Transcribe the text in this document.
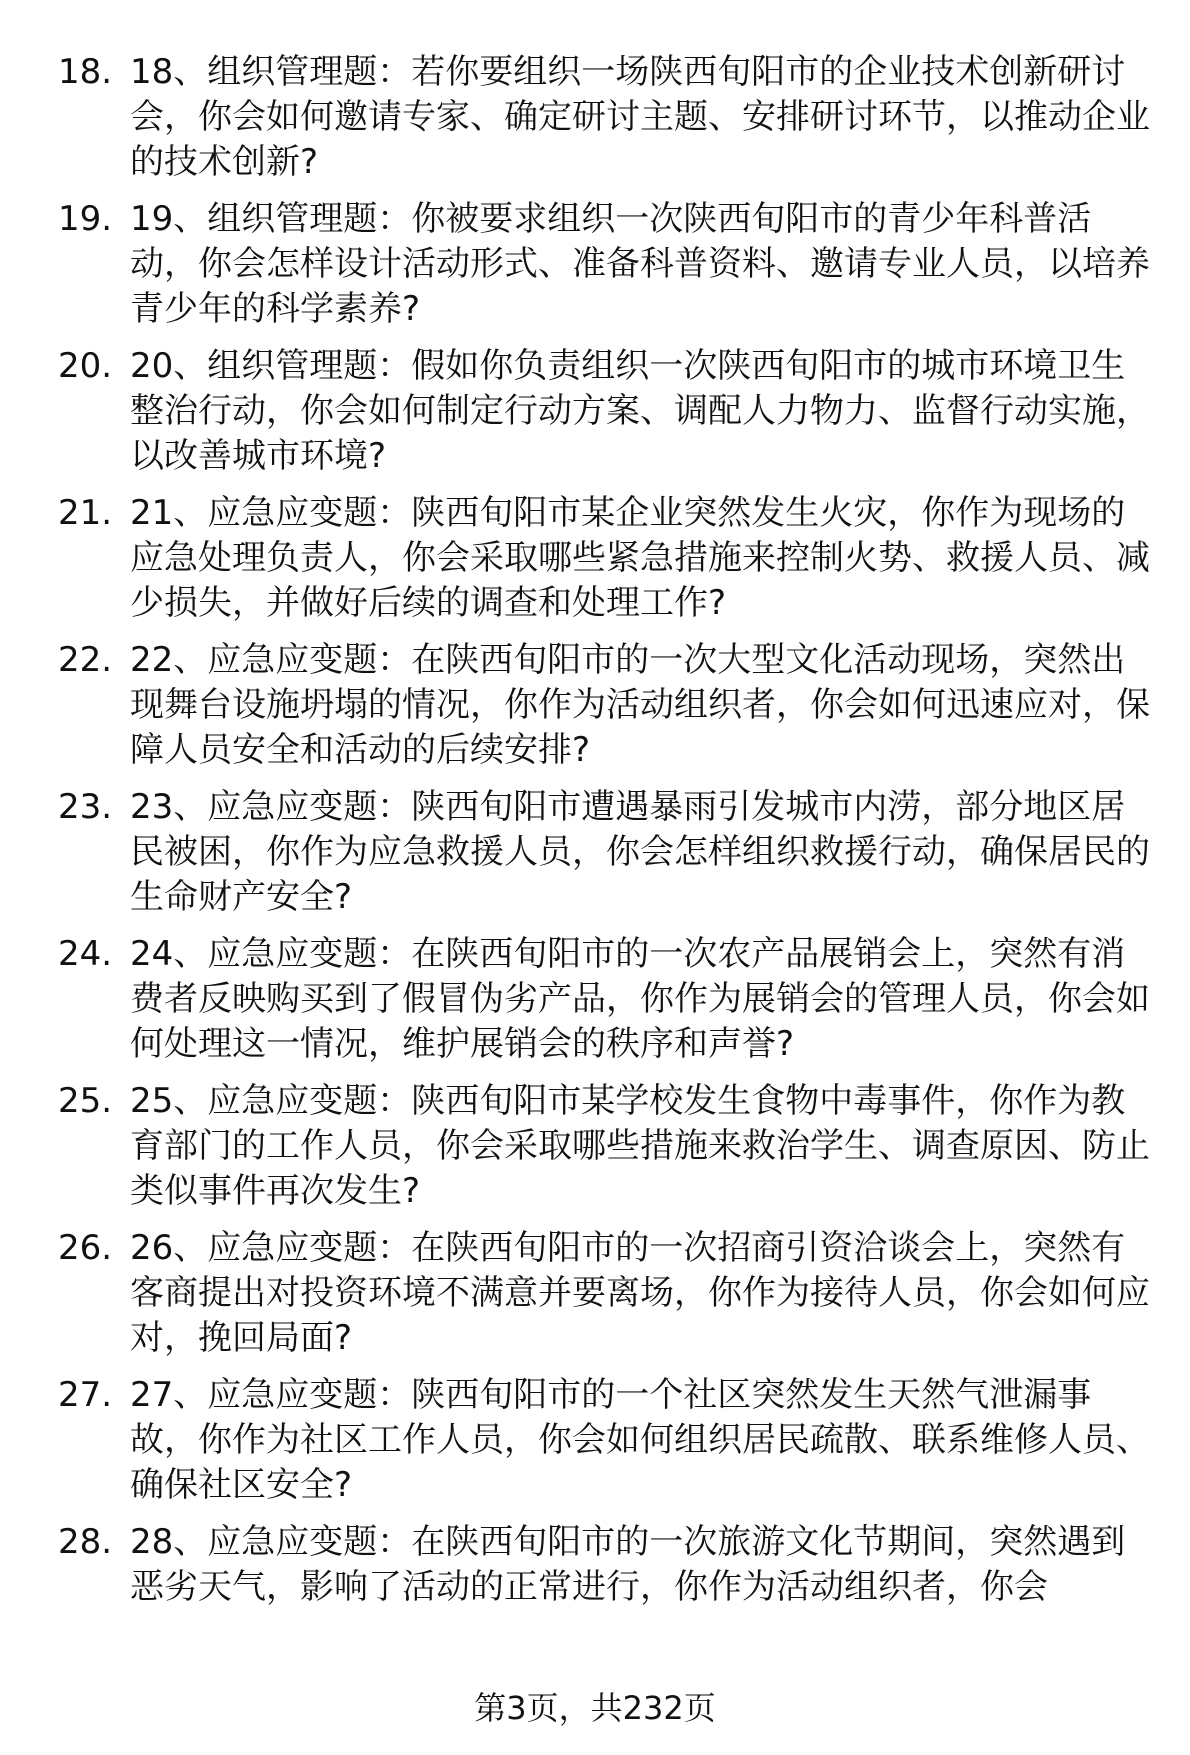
18. 18、组织管理题：若你要组织一场陕西旬阳市的企业技术创新研讨会，你会如何邀请专家、确定研讨主题、安排研讨环节，以推动企业的技术创新?
19. 19、组织管理题：你被要求组织一次陕西旬阳市的青少年科普活动，你会怎样设计活动形式、准备科普资料、邀请专业人员，以培养青少年的科学素养?
20. 20、组织管理题：假如你负责组织一次陕西旬阳市的城市环境卫生整治行动，你会如何制定行动方案、调配人力物力、监督行动实施，以改善城市环境?
21. 21、应急应变题：陕西旬阳市某企业突然发生火灾，你作为现场的应急处理负责人，你会采取哪些紧急措施来控制火势、救援人员、减少损失，并做好后续的调查和处理工作?
22. 22、应急应变题：在陕西旬阳市的一次大型文化活动现场，突然出现舞台设施坍塌的情况，你作为活动组织者，你会如何迅速应对，保障人员安全和活动的后续安排?
23. 23、应急应变题：陕西旬阳市遭遇暴雨引发城市内涝，部分地区居民被困，你作为应急救援人员，你会怎样组织救援行动，确保居民的生命财产安全?
24. 24、应急应变题：在陕西旬阳市的一次农产品展销会上，突然有消费者反映购买到了假冒伪劣产品，你作为展销会的管理人员，你会如何处理这一情况，维护展销会的秩序和声誉?
25. 25、应急应变题：陕西旬阳市某学校发生食物中毒事件，你作为教育部门的工作人员，你会采取哪些措施来救治学生、调查原因、防止类似事件再次发生?
26. 26、应急应变题：在陕西旬阳市的一次招商引资洽谈会上，突然有客商提出对投资环境不满意并要离场，你作为接待人员，你会如何应对，挽回局面?
27. 27、应急应变题：陕西旬阳市的一个社区突然发生天然气泄漏事故，你作为社区工作人员，你会如何组织居民疏散、联系维修人员、确保社区安全?
28. 28、应急应变题：在陕西旬阳市的一次旅游文化节期间，突然遇到恶劣天气，影响了活动的正常进行，你作为活动组织者，你会
第3页，共232页
